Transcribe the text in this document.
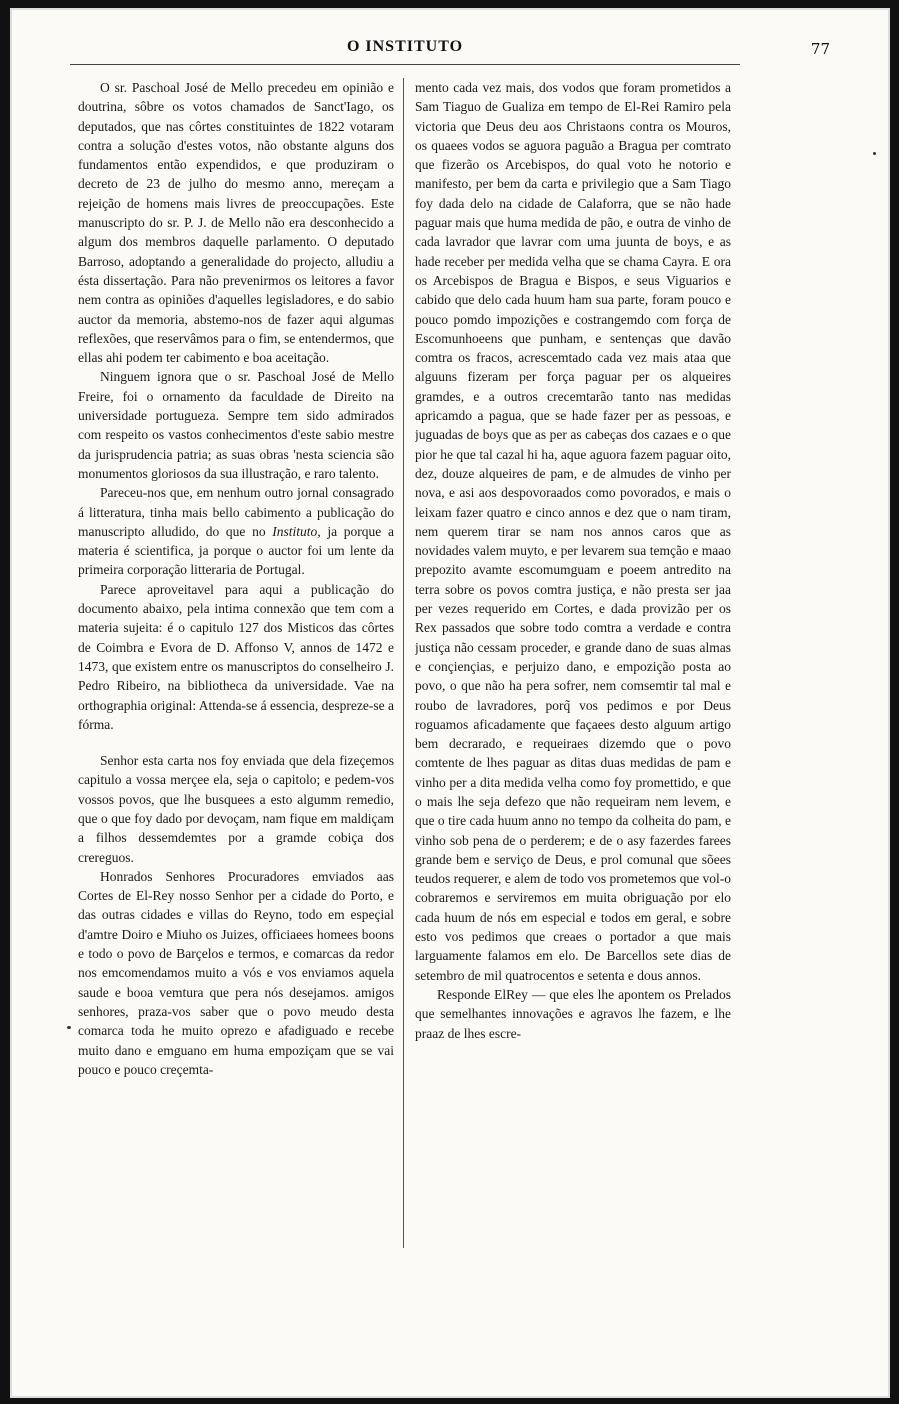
O INSTITUTO	77

O sr. Paschoal José de Mello precedeu em opinião e doutrina, sôbre os votos chamados de Sanct'Iago, os deputados, que nas côrtes constituintes de 1822 votaram contra a solução d'estes votos, não obstante alguns dos fundamentos então expendidos, e que produziram o decreto de 23 de julho do mesmo anno, mereçam a rejeição de homens mais livres de preoccupações. Este manuscripto do sr. P. J. de Mello não era desconhecido a algum dos membros daquelle parlamento. O deputado Barroso, adoptando a generalidade do projecto, alludiu a ésta dissertação. Para não prevenirmos os leitores a favor nem contra as opiniões d'aquelles legisladores, e do sabio auctor da memoria, abstemo-nos de fazer aqui algumas reflexões, que reservâmos para o fim, se entendermos, que ellas ahi podem ter cabimento e boa aceitação.

Ninguem ignora que o sr. Paschoal José de Mello Freire, foi o ornamento da faculdade de Direito na universidade portugueza. Sempre tem sido admirados com respeito os vastos conhecimentos d'este sabio mestre da jurisprudencia patria; as suas obras 'nesta sciencia são monumentos gloriosos da sua illustração, e raro talento.

Pareceu-nos que, em nenhum outro jornal consagrado á litteratura, tinha mais bello cabimento a publicação do manuscripto alludido, do que no Instituto, ja porque a materia é scientifica, ja porque o auctor foi um lente da primeira corporação litteraria de Portugal.

Parece aproveitavel para aqui a publicação do documento abaixo, pela intima connexão que tem com a materia sujeita: é o capitulo 127 dos Misticos das côrtes de Coimbra e Evora de D. Affonso V, annos de 1472 e 1473, que existem entre os manuscriptos do conselheiro J. Pedro Ribeiro, na bibliotheca da universidade. Vae na orthographia original: Attenda-se á essencia, despreze-se a fórma.

Senhor esta carta nos foy enviada que dela fizeçemos capitulo a vossa merçee ela, seja o capitolo; e pedem-vos vossos povos, que lhe busquees a esto algumm remedio, que o que foy dado por devoçam, nam fique em maldiçam a filhos dessemdemtes por a gramde cobiça dos crereguos.

Honrados Senhores Procuradores emviados aas Cortes de El-Rey nosso Senhor per a cidade do Porto, e das outras cidades e villas do Reyno, todo em espeçial d'amtre Doiro e Miuho os Juizes, officiaees homees boons e todo o povo de Barçelos e termos, e comarcas da redor nos emcomendamos muito a vós e vos enviamos aquela saude e booa vemtura que pera nós desejamos. amigos senhores, praza-vos saber que o povo meudo desta comarca toda he muito oprezo e afadiguado e recebe muito dano e emguano em huma empoziçam que se vai pouco e pouco creçemta-

mento cada vez mais, dos vodos que foram prometidos a Sam Tiaguo de Gualiza em tempo de El-Rei Ramiro pela victoria que Deus deu aos Christaons contra os Mouros, os quaees vodos se aguora paguão a Bragua per comtrato que fizerão os Arcebispos, do qual voto he notorio e manifesto, per bem da carta e privilegio que a Sam Tiago foy dada delo na cidade de Calaforra, que se não hade paguar mais que huma medida de pão, e outra de vinho de cada lavrador que lavrar com uma juunta de boys, e as hade receber per medida velha que se chama Cayra. E ora os Arcebispos de Bragua e Bispos, e seus Viguarios e cabido que delo cada huum ham sua parte, foram pouco e pouco pomdo impozições e costrangemdo com força de Escomunhoeens que punham, e sentenças que davão comtra os fracos, acrescemtado cada vez mais ataa que alguuns fizeram per força paguar per os alqueires gramdes, e a outros crecemtarão tanto nas medidas apricamdo a pagua, que se hade fazer per as pessoas, e juguadas de boys que as per as cabeças dos cazaes e o que pior he que tal cazal hi ha, aque aguora fazem paguar oito, dez, douze alqueires de pam, e de almudes de vinho per nova, e asi aos despovoraados como povorados, e mais o leixam fazer quatro e cinco annos e dez que o nam tiram, nem querem tirar se nam nos annos caros que as novidades valem muyto, e per levarem sua temção e maao prepozito avamte escomumguam e poeem antredito na terra sobre os povos comtra justiça, e não presta ser jaa per vezes requerido em Cortes, e dada provizão per os Rex passados que sobre todo comtra a verdade e contra justiça não cessam proceder, e grande dano de suas almas e conçiençias, e perjuizo dano, e empozição posta ao povo, o que não ha pera sofrer, nem comsemtir tal mal e roubo de lavradores, porq̃ vos pedimos e por Deus roguamos aficadamente que façaees desto alguum artigo bem decrarado, e requeiraes dizemdo que o povo comtente de lhes paguar as ditas duas medidas de pam e vinho per a dita medida velha como foy promettido, e que o mais lhe seja defezo que não requeiram nem levem, e que o tire cada huum anno no tempo da colheita do pam, e vinho sob pena de o perderem; e de o asy fazerdes farees grande bem e serviço de Deus, e prol comunal que sõees teudos requerer, e alem de todo vos prometemos que vol-o cobraremos e serviremos em muita obriguação por elo cada huum de nós em especial e todos em geral, e sobre esto vos pedimos que creaes o portador a que mais larguamente falamos em elo. De Barcellos sete dias de setembro de mil quatrocentos e setenta e dous annos.

Responde ElRey — que eles lhe apontem os Prelados que semelhantes innovações e agravos lhe fazem, e lhe praaz de lhes escre-
